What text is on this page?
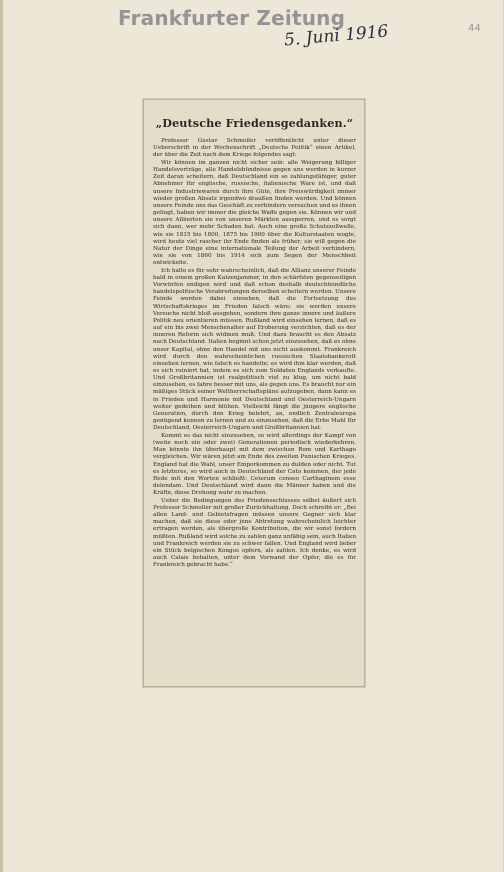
Frankfurter Zeitung
5. Juni 1916	44
„Deutsche Friedensgedanken.“

Professor Gustav Schmoller veröffentlicht unter dieser Ueberschrift in der Wochenschrift „Deutsche Politik“ einen Artikel, der über die Zeit nach dem Kriege folgendes sagt:

Wir können im ganzen nicht sicher sein: alle Weigerung billiger Handelsverträge, alle Handelsbündnisse gegen uns werden in kurzer Zeit daran scheitern, daß Deutschland ein so zahlungsfähiger, guter Abnehmer für englische, russische, italienische Ware ist, und daß unsere Industriewaren durch ihre Güte, ihre Preiswürdigkeit immer wieder großen Absatz irgendwo draußen finden werden. Und können unsere Feinde uns das Geschäft zu verhindern versuchen und es ihnen gelingt, haben wir immer die gleiche Waffe gegen sie. Können wir und unsere Alliierten sie von unseren Märkten aussperren, und es sorgt sich dann, wer mehr Schaden hat. Auch eine große Schutzzollwelle, wie sie 1815 bis 1800, 1875 bis 1900 über die Kulturstaaten wogte, wird heute viel rascher ihr Ende finden als früher; sie will gegen die Natur der Dinge eine internationale Teilung der Arbeit verhindern, wie sie von 1860 bis 1914 sich zum Segen der Menschheit entwickelte.

Ich halte es für sehr wahrscheinlich, daß die Allianz unserer Feinde bald in einem großen Katzenjammer, in den schärfsten gegenseitigen Vorwürfen endigen wird und daß schon deshalb deutschfeindliche handelspolitische Verabredungen derselben scheitern werden. Unsere Feinde werden dabei einsehen, daß die Fortsetzung des Wirtschaftskrieges im Frieden falsch wäre; sie werden unsere Versuche nicht bloß ausgeben, sondern ihre ganze innere und äußere Politik neu orientieren müssen. Rußland wird einsehen lernen, daß es auf ein bis zwei Menschenalter auf Eroberung verzichten, daß es der inneren Reform sich widmen muß. Und dazu braucht es den Absatz nach Deutschland. Italien beginnt schon jetzt einzusehen, daß es ohne unser Kapital, ohne den Handel mit uns nicht auskommt. Frankreich wird durch den wahrscheinlichen russischen Staatsbankerott einsehen lernen, wie falsch es handelte; es wird ihm klar werden, daß es sich ruiniert hat, indem es sich zum Soldaten Englands verkaufte. Und Großbritannien ist realpolitisch viel zu klug, um nicht bald einzusehen, es fahre besser mit uns, als gegen uns. Es braucht nur ein mäßiges Stück seiner Weltherrschaftspläne aufzugeben, dann kann es in Frieden und Harmonie mit Deutschland und Oesterreich-Ungarn weiter gedeihen und blühen. Vielleicht fängt die jüngere englische Generation, durch den Krieg belehrt, an, endlich Zentraleuropa genügend kennen zu lernen und zu einzusehen, daß die Erbe Mahl für Deutschland, Oesterreich-Ungarn und Großbritannien hat.

Kommt es das nicht einzusehen, so wird allerdings der Kampf von (weite noch ein oder zwei) Generationen periodisch wiederkehren. Man könnte ihn überhaupt mit dem zwischen Rom und Karthago vergleichen. Wir wären jetzt am Ende des zweiten Punischen Krieges. England hat die Wahl, unser Emporkommen zu dulden oder nicht. Tut es letzteres, so wird auch in Deutschland der Cato kommen, der jede Rede mit den Worten schließt: Ceterum censeo Carthaginem esse delendam. Und Deutschland wird dann die Männer haben und die Kräfte, diese Drohung wahr zu machen.

Ueber die Bedingungen des Friedensschlusses selbst äußert sich Professor Schmoller mit großer Zurückhaltung. Doch schreibt er: „Bei allen Land- und Gebietsfragen müssen unsere Gegner sich klar machen, daß sie diese oder jene Abtretung wahrscheinlich leichter ertragen werden, als übergroße Kontribution, die wir sonst fordern müßten. Rußland wird solche zu zahlen ganz unfähig sein, auch Italien und Frankreich werden sie zu schwer fallen. Und England wird lieber ein Stück belgischen Kongos opfern, als zahlen. Ich denke, es wird auch Calais behalten, unter dem Vorwand der Opfer, die es für Frankreich gebracht habe.“
